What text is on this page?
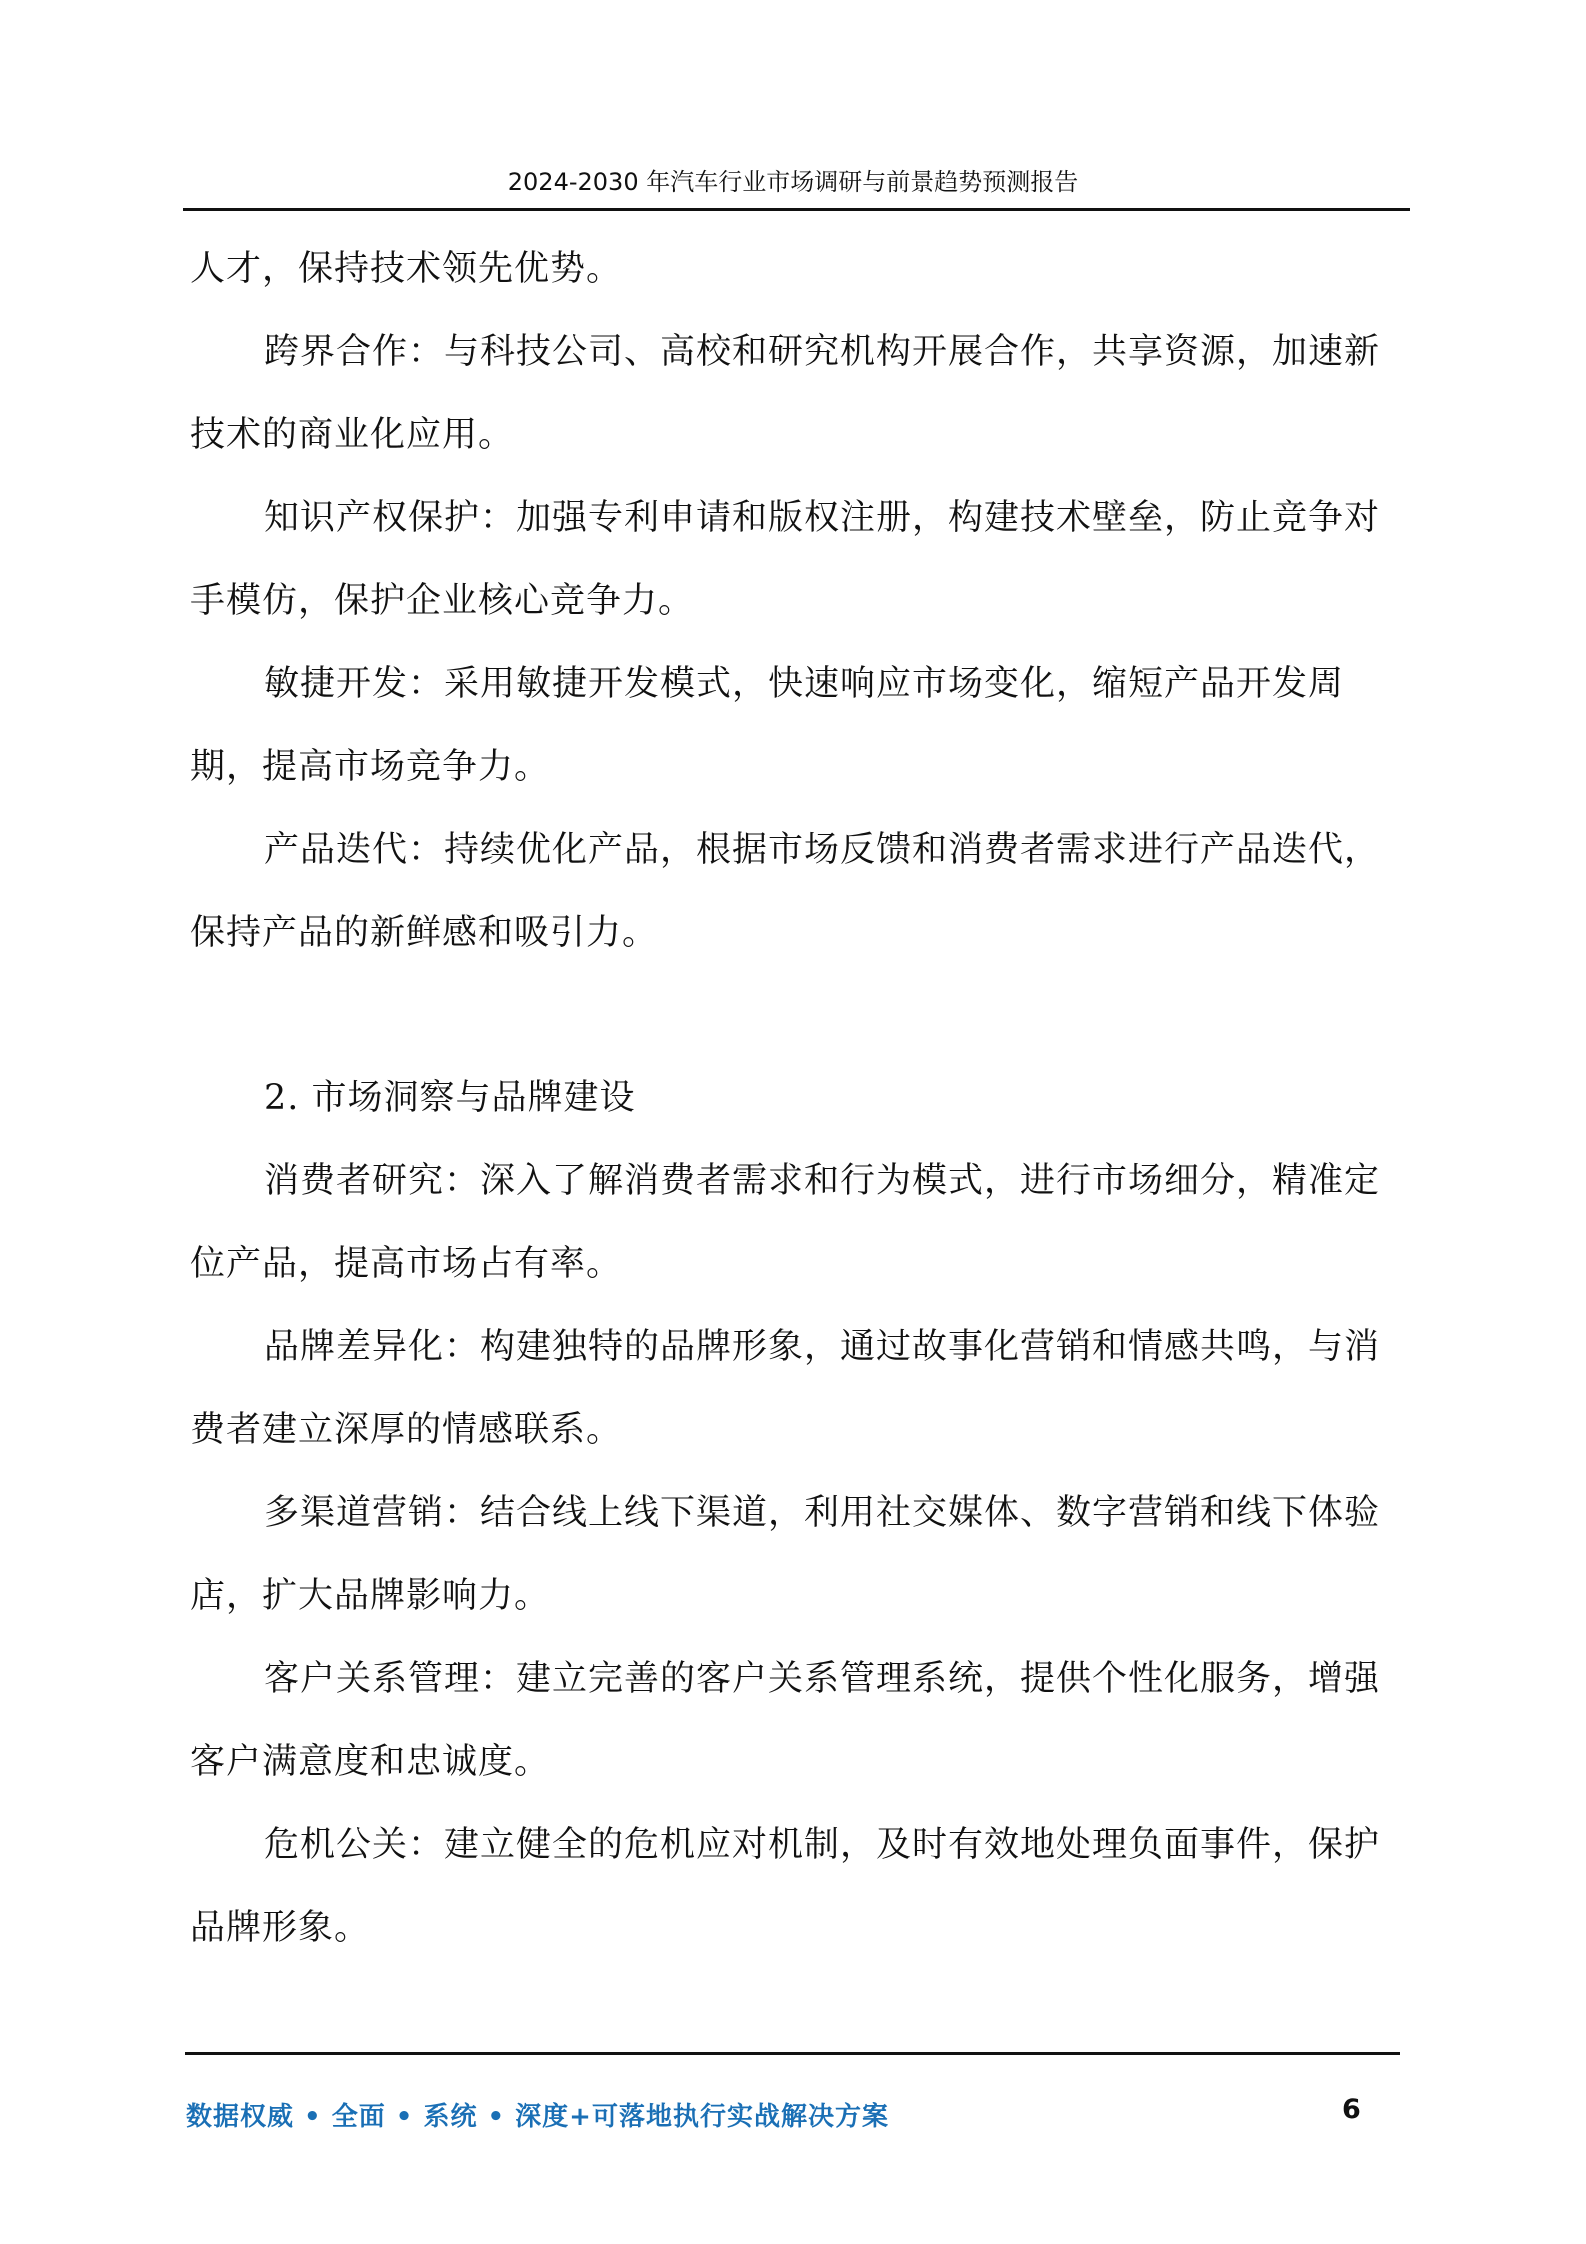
2024-2030 年汽车行业市场调研与前景趋势预测报告

人才，保持技术领先优势。

跨界合作：与科技公司、高校和研究机构开展合作，共享资源，加速新技术的商业化应用。

知识产权保护：加强专利申请和版权注册，构建技术壁垒，防止竞争对手模仿，保护企业核心竞争力。

敏捷开发：采用敏捷开发模式，快速响应市场变化，缩短产品开发周期，提高市场竞争力。

产品迭代：持续优化产品，根据市场反馈和消费者需求进行产品迭代，保持产品的新鲜感和吸引力。

2. 市场洞察与品牌建设

消费者研究：深入了解消费者需求和行为模式，进行市场细分，精准定位产品，提高市场占有率。

品牌差异化：构建独特的品牌形象，通过故事化营销和情感共鸣，与消费者建立深厚的情感联系。

多渠道营销：结合线上线下渠道，利用社交媒体、数字营销和线下体验店，扩大品牌影响力。

客户关系管理：建立完善的客户关系管理系统，提供个性化服务，增强客户满意度和忠诚度。

危机公关：建立健全的危机应对机制，及时有效地处理负面事件，保护品牌形象。

数据权威 • 全面 • 系统 • 深度+可落地执行实战解决方案	6
